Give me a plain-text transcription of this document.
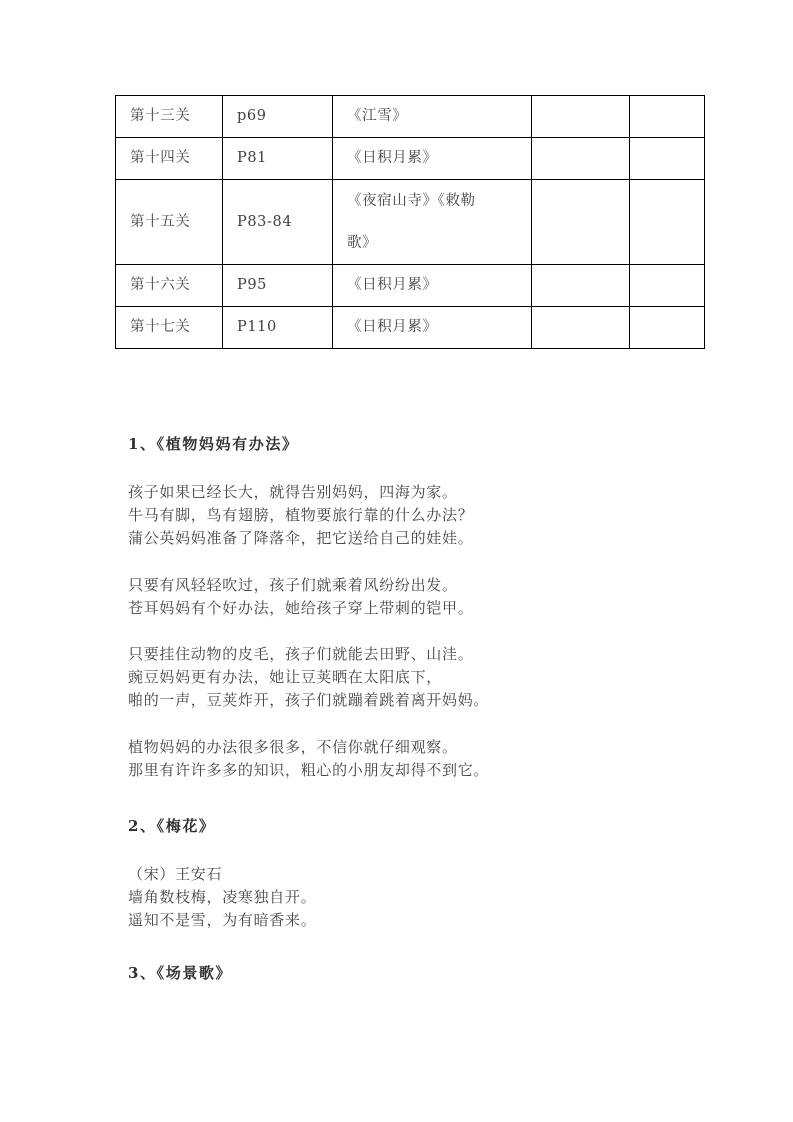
第十三关	p69	《江雪》		

第十四关	P81	《日积月累》		

第十五关	P83-84	《夜宿山寺》《敕勒
歌》		

第十六关	P95	《日积月累》		

第十七关	P110	《日积月累》		

1、《植物妈妈有办法》

孩子如果已经长大，就得告别妈妈，四海为家。
牛马有脚，鸟有翅膀，植物要旅行靠的什么办法？
蒲公英妈妈准备了降落伞，把它送给自己的娃娃。

只要有风轻轻吹过，孩子们就乘着风纷纷出发。
苍耳妈妈有个好办法，她给孩子穿上带刺的铠甲。

只要挂住动物的皮毛，孩子们就能去田野、山洼。
豌豆妈妈更有办法，她让豆荚晒在太阳底下，
啪的一声，豆荚炸开，孩子们就蹦着跳着离开妈妈。

植物妈妈的办法很多很多，不信你就仔细观察。
那里有许许多多的知识，粗心的小朋友却得不到它。

2、《梅花》

（宋）王安石
墙角数枝梅，凌寒独自开。
遥知不是雪，为有暗香来。

3、《场景歌》
